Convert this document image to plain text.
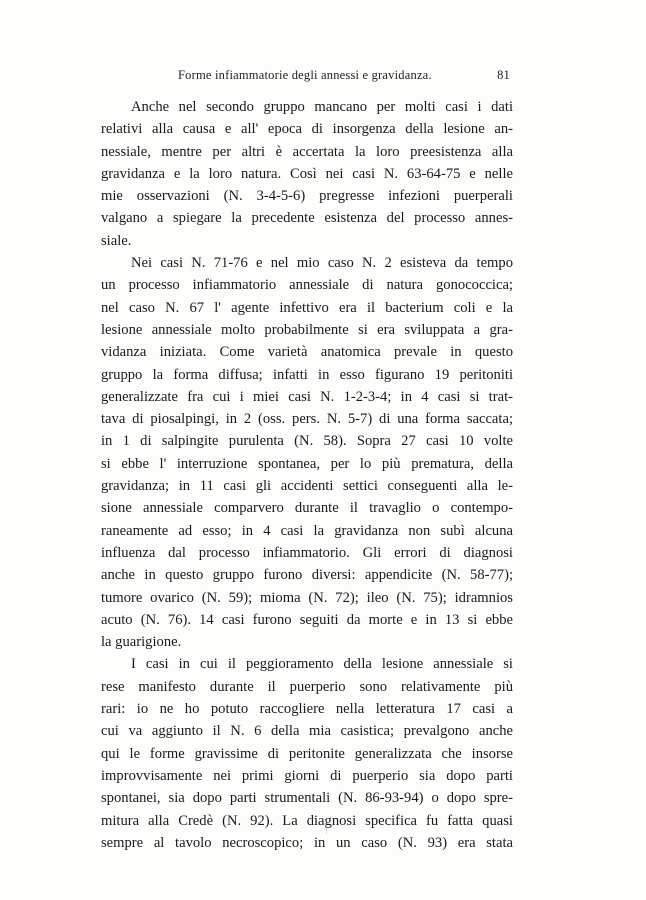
Forme infiammatorie degli annessi e gravidanza.	81
Anche nel secondo gruppo mancano per molti casi i dati
relativi alla causa e all' epoca di insorgenza della lesione an-
nessiale, mentre per altri è accertata la loro preesistenza alla
gravidanza e la loro natura. Così nei casi N. 63-64-75 e nelle
mie osservazioni (N. 3-4-5-6) pregresse infezioni puerperali
valgano a spiegare la precedente esistenza del processo annes-
siale.
Nei casi N. 71-76 e nel mio caso N. 2 esisteva da tempo
un processo infiammatorio annessiale di natura gonococcica;
nel caso N. 67 l' agente infettivo era il bacterium coli e la
lesione annessiale molto probabilmente si era sviluppata a gra-
vidanza iniziata. Come varietà anatomica prevale in questo
gruppo la forma diffusa; infatti in esso figurano 19 peritoniti
generalizzate fra cui i miei casi N. 1-2-3-4; in 4 casi si trat-
tava di piosalpingi, in 2 (oss. pers. N. 5-7) di una forma saccata;
in 1 di salpingite purulenta (N. 58). Sopra 27 casi 10 volte
si ebbe l' interruzione spontanea, per lo più prematura, della
gravidanza; in 11 casi gli accidenti settici conseguenti alla le-
sione annessiale comparvero durante il travaglio o contempo-
raneamente ad esso; in 4 casi la gravidanza non subì alcuna
influenza dal processo infiammatorio. Gli errori di diagnosi
anche in questo gruppo furono diversi: appendicite (N. 58-77);
tumore ovarico (N. 59); mioma (N. 72); ileo (N. 75); idramnios
acuto (N. 76). 14 casi furono seguiti da morte e in 13 si ebbe
la guarigione.
I casi in cui il peggioramento della lesione annessiale si
rese manifesto durante il puerperio sono relativamente più
rari: io ne ho potuto raccogliere nella letteratura 17 casi a
cui va aggiunto il N. 6 della mia casistica; prevalgono anche
qui le forme gravissime di peritonite generalizzata che insorse
improvvisamente nei primi giorni di puerperio sia dopo parti
spontanei, sia dopo parti strumentali (N. 86-93-94) o dopo spre-
mitura alla Credè (N. 92). La diagnosi specifica fu fatta quasi
sempre al tavolo necroscopico; in un caso (N. 93) era stata
